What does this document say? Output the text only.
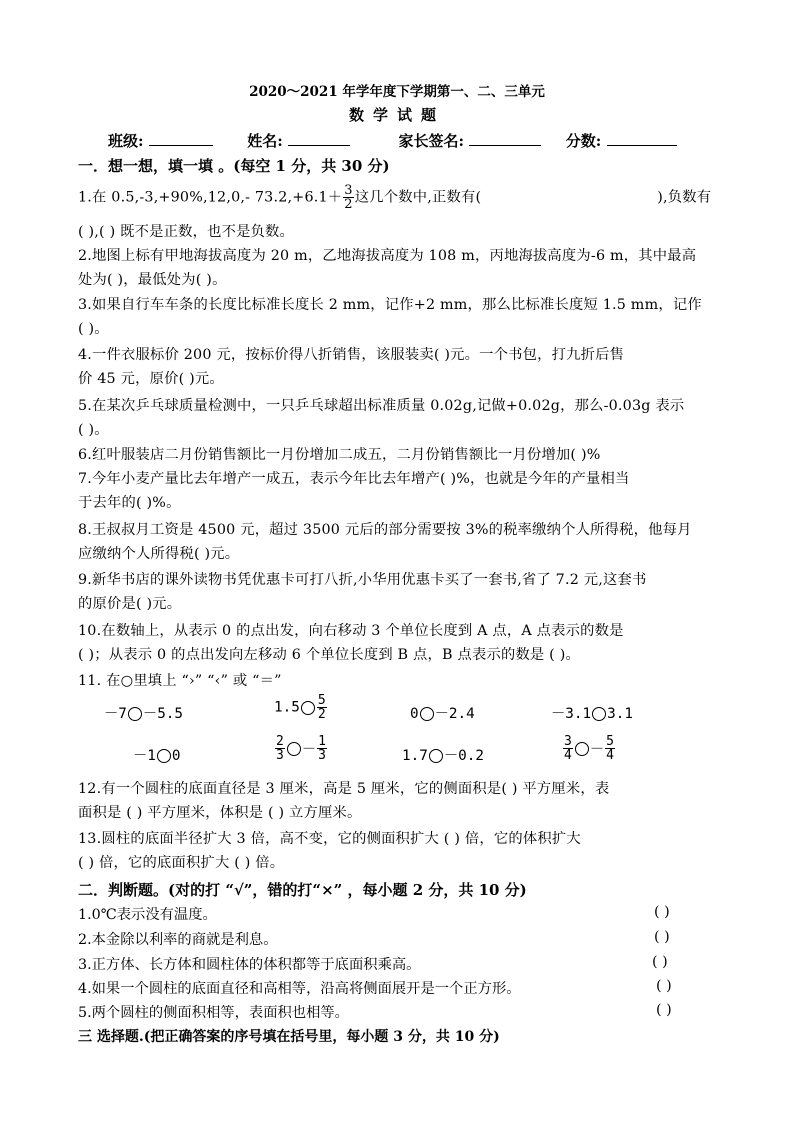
2020～2021 年学年度下学期第一、二、三单元
数学试题
班级:	姓名:	家长签名:	分数:
一．想一想，填一填 。(每空 1 分，共 30 分)
1.在 0.5,-3,+90%,12,0,- $73.2,+6.1+ \frac{3}{2}$ 这几个数中,正数有(	),负数有
( ),( ) 既不是正数，也不是负数。
2.地图上标有甲地海拔高度为 20 m，乙地海拔高度为 108 m，丙地海拔高度为-6 m，其中最高
处为( )，最低处为( )。
3.如果自行车车条的长度比标准长度长 2 mm，记作+2 mm，那么比标准长度短 1.5 mm，记作
( )。
4.一件衣服标价 200 元，按标价得八折销售，该服装卖( )元。一个书包，打九折后售
价 45 元，原价( )元。
5.在某次乒乓球质量检测中，一只乒乓球超出标准质量 0.02g,记做+0.02g，那么-0.03g 表示
( )。
6.红叶服装店二月份销售额比一月份增加二成五，二月份销售额比一月份增加( )%
7.今年小麦产量比去年增产一成五，表示今年比去年增产( )%，也就是今年的产量相当
于去年的( )%。
8.王叔叔月工资是 4500 元，超过 3500 元后的部分需要按 3%的税率缴纳个人所得税，他每月
应缴纳个人所得税( )元。
9.新华书店的课外读物书凭优惠卡可打八折,小华用优惠卡买了一套书,省了 7.2 元,这套书
的原价是( )元。
10.在数轴上，从表示 0 的点出发，向右移动 3 个单位长度到 A 点，A 点表示的数是
( )；从表示 0 的点出发向左移动 6 个单位长度到 B 点，B 点表示的数是 ( )。
11. 在○里填上 “›” “‹” 或 “＝”
－7 －5.5	$1.5 \frac{5}{2}$	0 －2.4	－3.1 3.1
－1 0	$\frac{2}{3} - \frac{1}{3}$	1.7 －0.2	$\frac{3}{4} - \frac{5}{4}$
12.有一个圆柱的底面直径是 3 厘米，高是 5 厘米，它的侧面积是( ) 平方厘米，表
面积是 ( ) 平方厘米，体积是 ( ) 立方厘米。
13.圆柱的底面半径扩大 3 倍，高不变，它的侧面积扩大 ( ) 倍，它的体积扩大
( ) 倍，它的底面积扩大 ( ) 倍。
二．判断题。(对的打 “√”，错的打“×” ，每小题 2 分，共 10 分)
1.0℃表示没有温度。	( )
2.本金除以利率的商就是利息。	( )
3.正方体、长方体和圆柱体的体积都等于底面积乘高。	( )
4.如果一个圆柱的底面直径和高相等，沿高将侧面展开是一个正方形。	( )
5.两个圆柱的侧面积相等，表面积也相等。	( )
三 选择题.(把正确答案的序号填在括号里，每小题 3 分，共 10 分)
